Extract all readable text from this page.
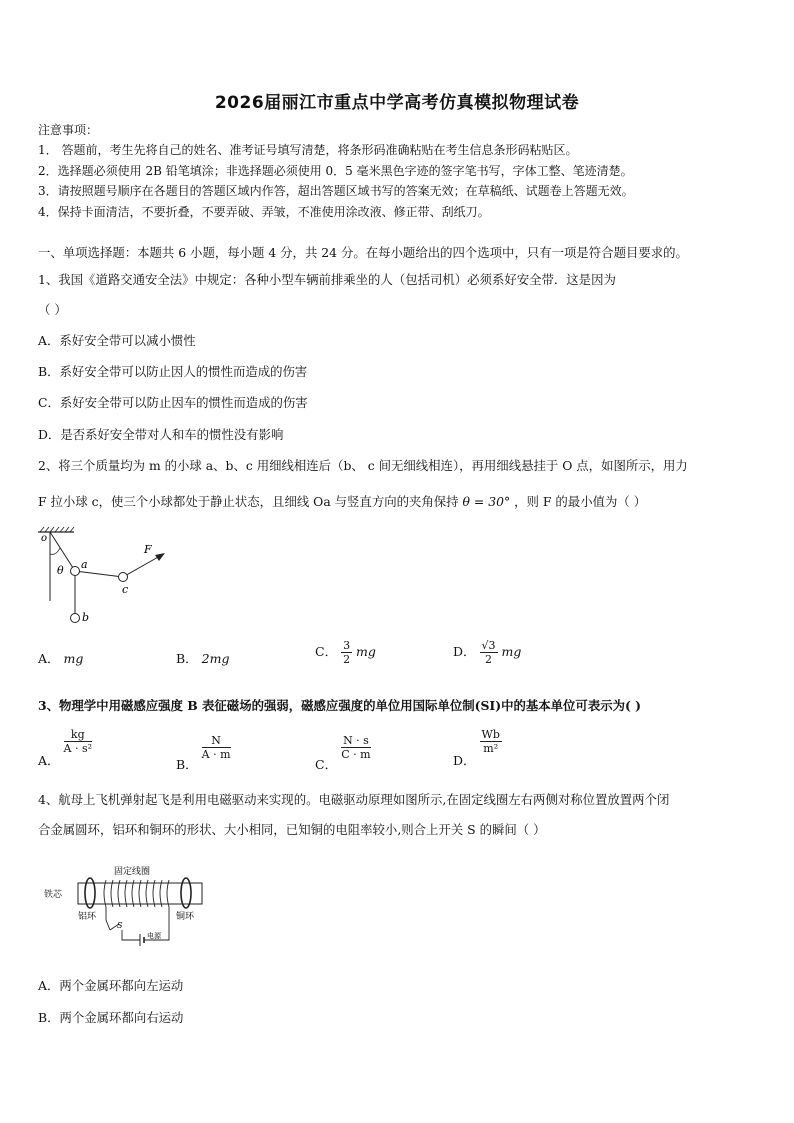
2026届丽江市重点中学高考仿真模拟物理试卷
注意事项：
1． 答题前，考生先将自己的姓名、准考证号填写清楚，将条形码准确粘贴在考生信息条形码粘贴区。
2．选择题必须使用 2B 铅笔填涂；非选择题必须使用 0．5 毫米黑色字迹的签字笔书写，字体工整、笔迹清楚。
3．请按照题号顺序在各题目的答题区域内作答，超出答题区域书写的答案无效；在草稿纸、试题卷上答题无效。
4．保持卡面清洁，不要折叠，不要弄破、弄皱，不准使用涂改液、修正带、刮纸刀。
一、单项选择题：本题共 6 小题，每小题 4 分，共 24 分。在每小题给出的四个选项中，只有一项是符合题目要求的。
1、我国《道路交通安全法》中规定：各种小型车辆前排乘坐的人（包括司机）必须系好安全带．这是因为
（ ）
A．系好安全带可以减小惯性
B．系好安全带可以防止因人的惯性而造成的伤害
C．系好安全带可以防止因车的惯性而造成的伤害
D．是否系好安全带对人和车的惯性没有影响
2、将三个质量均为 m 的小球 a、b、c 用细线相连后（b、 c 间无细线相连），再用细线悬挂于 O 点，如图所示，用力
F 拉小球 c，使三个小球都处于静止状态，且细线 Oa 与竖直方向的夹角保持 θ = 30° ，则 F 的最小值为（ ）
o
θ a
b
c
F
A． mg	B． 2mg	C． $\frac{3}{2}$ mg	D． $\frac{√3}{2}$ mg
3、物理学中用磁感应强度 B 表征磁场的强弱，磁感应强度的单位用国际单位制(SI)中的基本单位可表示为( )
A．
$\frac{kg}{\text{A · s²}}$
B．
$\frac{N}{A \cdot m}$
C．
$\frac{N \cdot s}{C \cdot m}$	D．
$\frac{Wb}{\text{m²}}$
4、航母上飞机弹射起飞是利用电磁驱动来实现的。电磁驱动原理如图所示,在固定线圈左右两侧对称位置放置两个闭
合金属圆环，铝环和铜环的形状、大小相同，已知铜的电阻率较小,则合上开关 S 的瞬间（ ）
固定线圈
铁芯
铝环	铜环
S
电源
A．两个金属环都向左运动
B．两个金属环都向右运动
